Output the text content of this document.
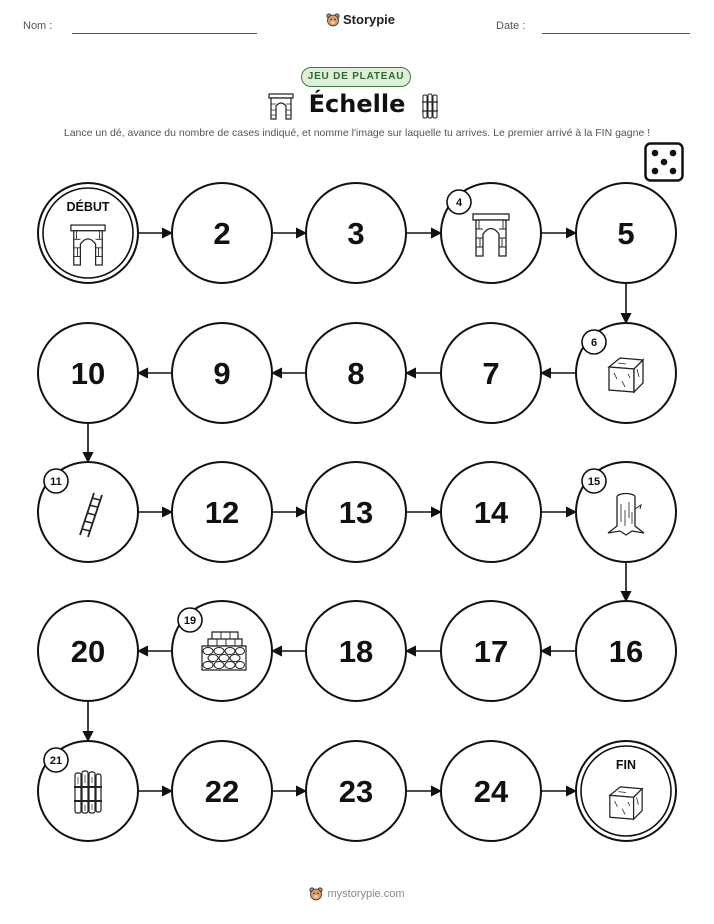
Nom :	Storypie	Date :
JEU DE PLATEAU
Échelle
Lance un dé, avance du nombre de cases indiqué, et nomme l'image sur laquelle tu arrives. Le premier arrivé à la FIN gagne !
DÉBUT
2	3
4
5
6
7
8
9
10
11
12	13	14
15
16
17
18
19
20
21
22	23	24
FIN
mystorypie.com
